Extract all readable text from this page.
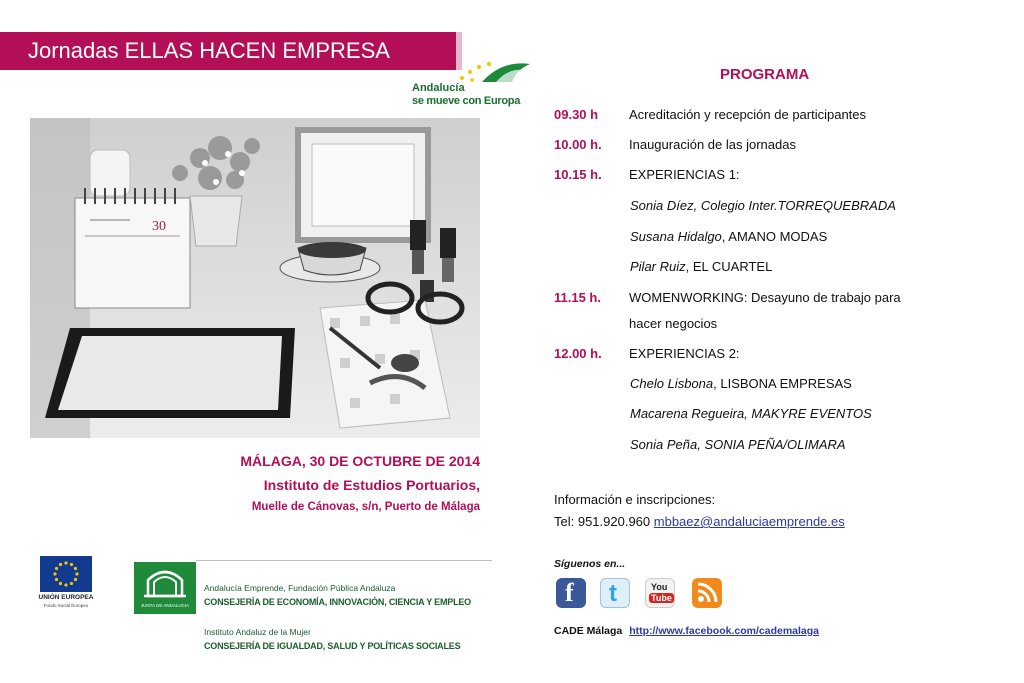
Jornadas ELLAS HACEN EMPRESA
Andalucía
se mueve con Europa
30
MÁLAGA, 30 DE OCTUBRE DE 2014
Instituto de Estudios Portuarios,
Muelle de Cánovas, s/n, Puerto de Málaga
UNIÓN EUROPEA
Fondo Social Europeo	JUNTA DE ANDALUCIA
Andalucía Emprende, Fundación Pública Andaluza
CONSEJERÍA DE ECONOMÍA, INNOVACIÓN, CIENCIA Y EMPLEO
Instituto Andaluz de la Mujer
CONSEJERÍA DE IGUALDAD, SALUD Y POLÍTICAS SOCIALES
PROGRAMA
09.30 h Acreditación y recepción de participantes
10.00 h. Inauguración de las jornadas
10.15 h. EXPERIENCIAS 1:
Sonia Díez, Colegio Inter.TORREQUEBRADA
Susana Hidalgo, AMANO MODAS
Pilar Ruiz, EL CUARTEL
11.15 h. WOMENWORKING: Desayuno de trabajo para
hacer negocios
12.00 h. EXPERIENCIAS 2:
Chelo Lisbona, LISBONA EMPRESAS
Macarena Regueira, MAKYRE EVENTOS
Sonia Peña, SONIA PEÑA/OLIMARA
Información e inscripciones:
Tel: 951.920.960 mbbaez@andaluciaemprende.es
Síguenos en...
f t	You
Tube
CADE Málaga http://www.facebook.com/cademalaga
